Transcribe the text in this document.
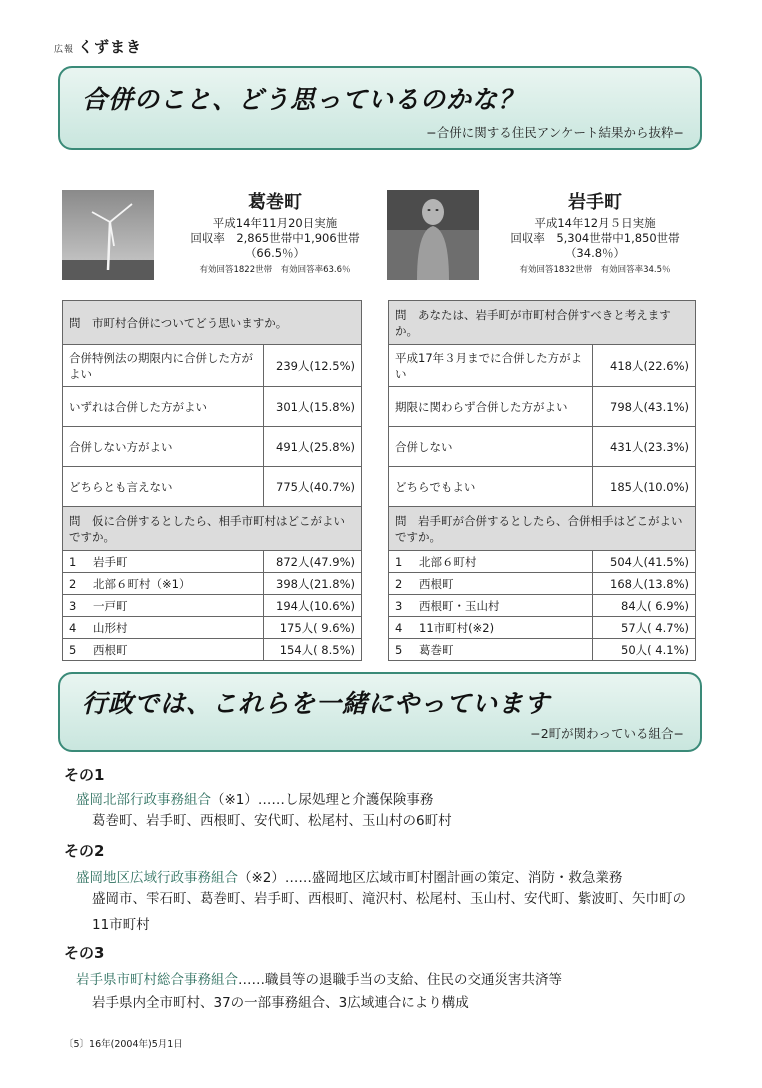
広報 くずまき
合併のこと、どう思っているのかな？
−合併に関する住民アンケート結果から抜粋−
葛巻町
平成14年11月20日実施
回収率　2,865世帯中1,906世帯
（66.5％）
有効回答1822世帯　有効回答率63.6％
岩手町
平成14年12月５日実施
回収率　5,304世帯中1,850世帯
（34.8％）
有効回答1832世帯　有効回答率34.5％
問　市町村合併についてどう思いますか。		
合併特例法の期限内に合併した方がよい		239人(12.5%)
いずれは合併した方がよい		301人(15.8%)
合併しない方がよい		491人(25.8%)
どちらとも言えない		775人(40.7%)
問　仮に合併するとしたら、相手市町村はどこがよいですか。		
1	岩手町	872人(47.9%)
2	北部６町村（※1）	398人(21.8%)
3	一戸町	194人(10.6%)
4	山形村	175人( 9.6%)
5	西根町	154人( 8.5%)
問　あなたは、岩手町が市町村合併すべきと考えますか。		
平成17年３月までに合併した方がよい		418人(22.6%)
期限に関わらず合併した方がよい		798人(43.1%)
合併しない		431人(23.3%)
どちらでもよい		185人(10.0%)
問　岩手町が合併するとしたら、合併相手はどこがよいですか。		
1	北部６町村	504人(41.5%)
2	西根町	168人(13.8%)
3	西根町・玉山村	84人( 6.9%)
4	11市町村(※2)	57人( 4.7%)
5	葛巻町	50人( 4.1%)
行政では、これらを一緒にやっています
−2町が関わっている組合−
その1
盛岡北部行政事務組合（※1）……し尿処理と介護保険事務
葛巻町、岩手町、西根町、安代町、松尾村、玉山村の6町村
その2
盛岡地区広域行政事務組合（※2）……盛岡地区広域市町村圏計画の策定、消防・救急業務
盛岡市、雫石町、葛巻町、岩手町、西根町、滝沢村、松尾村、玉山村、安代町、紫波町、矢巾町の11市町村
その3
岩手県市町村総合事務組合……職員等の退職手当の支給、住民の交通災害共済等
岩手県内全市町村、37の一部事務組合、3広域連合により構成
〔5〕16年(2004年)5月1日
